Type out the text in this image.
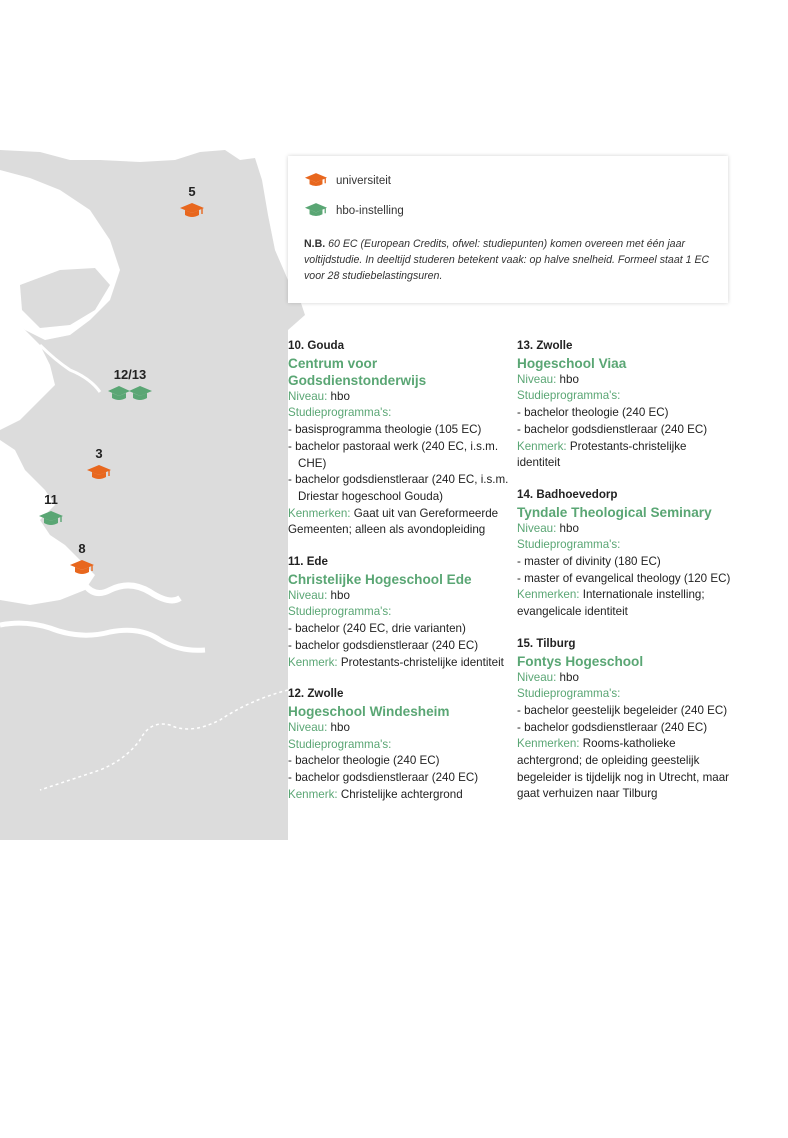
5
12/13
3
11
8
universiteit
hbo-instelling
N.B. 60 EC (European Credits, ofwel: studiepunten) komen overeen met één jaar voltijdstudie. In deeltijd studeren betekent vaak: op halve snelheid. Formeel staat 1 EC voor 28 studiebelastingsuren.
10. Gouda
Centrum voor Godsdienstonderwijs
Niveau: hbo
Studieprogramma's:
- basisprogramma theologie (105 EC)
- bachelor pastoraal werk (240 EC, i.s.m. CHE)
- bachelor godsdienstleraar (240 EC, i.s.m. Driestar hogeschool Gouda)
Kenmerken: Gaat uit van Gereformeerde Gemeenten; alleen als avondopleiding
11. Ede
Christelijke Hogeschool Ede
Niveau: hbo
Studieprogramma's:
- bachelor (240 EC, drie varianten)
- bachelor godsdienstleraar (240 EC)
Kenmerk: Protestants-christelijke identiteit
12. Zwolle
Hogeschool Windesheim
Niveau: hbo
Studieprogramma's:
- bachelor theologie (240 EC)
- bachelor godsdienstleraar (240 EC)
Kenmerk: Christelijke achtergrond
13. Zwolle
Hogeschool Viaa
Niveau: hbo
Studieprogramma's:
- bachelor theologie (240 EC)
- bachelor godsdienstleraar (240 EC)
Kenmerk: Protestants-christelijke identiteit
14. Badhoevedorp
Tyndale Theological Seminary
Niveau: hbo
Studieprogramma's:
- master of divinity (180 EC)
- master of evangelical theology (120 EC)
Kenmerken: Internationale instelling; evangelicale identiteit
15. Tilburg
Fontys Hogeschool
Niveau: hbo
Studieprogramma's:
- bachelor geestelijk begeleider (240 EC)
- bachelor godsdienstleraar (240 EC)
Kenmerken: Rooms-katholieke achtergrond; de opleiding geestelijk begeleider is tijdelijk nog in Utrecht, maar gaat verhuizen naar Tilburg
